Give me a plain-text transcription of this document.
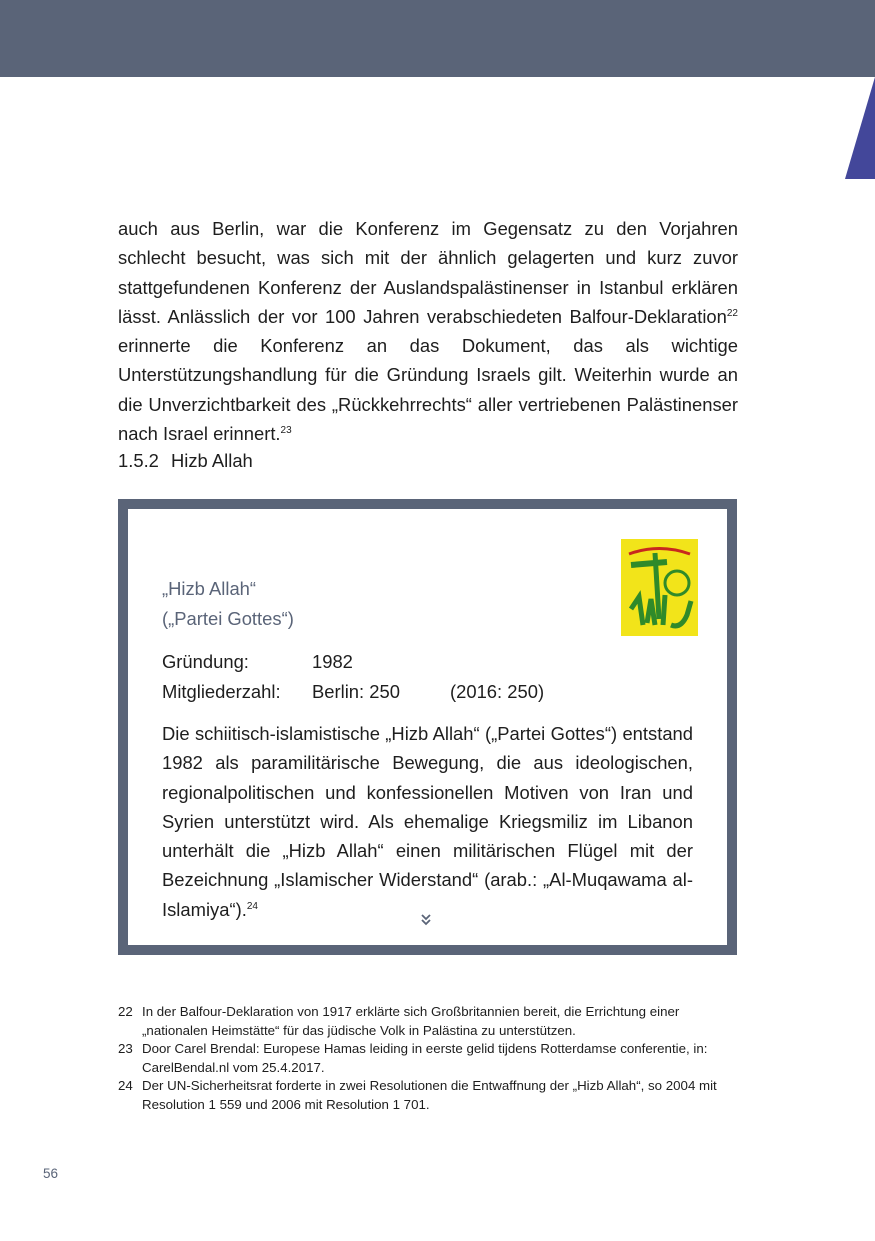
auch aus Berlin, war die Konferenz im Gegensatz zu den Vorjahren schlecht besucht, was sich mit der ähnlich gelagerten und kurz zuvor stattgefundenen Konferenz der Auslandspalästinenser in Istanbul erklären lässt. Anlässlich der vor 100 Jahren verabschiedeten Balfour-Deklaration$^{22}$ erinnerte die Konferenz an das Dokument, das als wichtige Unterstützungshandlung für die Gründung Israels gilt. Weiterhin wurde an die Unverzichtbarkeit des „Rückkehrrechts“ aller vertriebenen Palästinenser nach Israel erinnert.$^{23}$

1.5.2 Hizb Allah
„Hizb Allah“
(„Partei Gottes“)
Gründung:	1982
Mitgliederzahl:	Berlin: 250	(2016: 250)

Die schiitisch-islamistische „Hizb Allah“ („Partei Gottes“) entstand 1982 als paramilitärische Bewegung, die aus ideologischen, regionalpolitischen und konfessionellen Motiven von Iran und Syrien unterstützt wird. Als ehemalige Kriegsmiliz im Libanon unterhält die „Hizb Allah“ einen militärischen Flügel mit der Bezeichnung „Islamischer Widerstand“ (arab.: „Al-Muqawama al-Islamiya“).$^{24}$

22 In der Balfour-Deklaration von 1917 erklärte sich Großbritannien bereit, die Errichtung einer „nationalen Heimstätte“ für das jüdische Volk in Palästina zu unterstützen.
23 Door Carel Brendal: Europese Hamas leiding in eerste gelid tijdens Rotterdamse conferentie, in: CarelBendal.nl vom 25.4.2017.
24 Der UN-Sicherheitsrat forderte in zwei Resolutionen die Entwaffnung der „Hizb Allah“, so 2004 mit Resolution 1 559 und 2006 mit Resolution 1 701.
56
